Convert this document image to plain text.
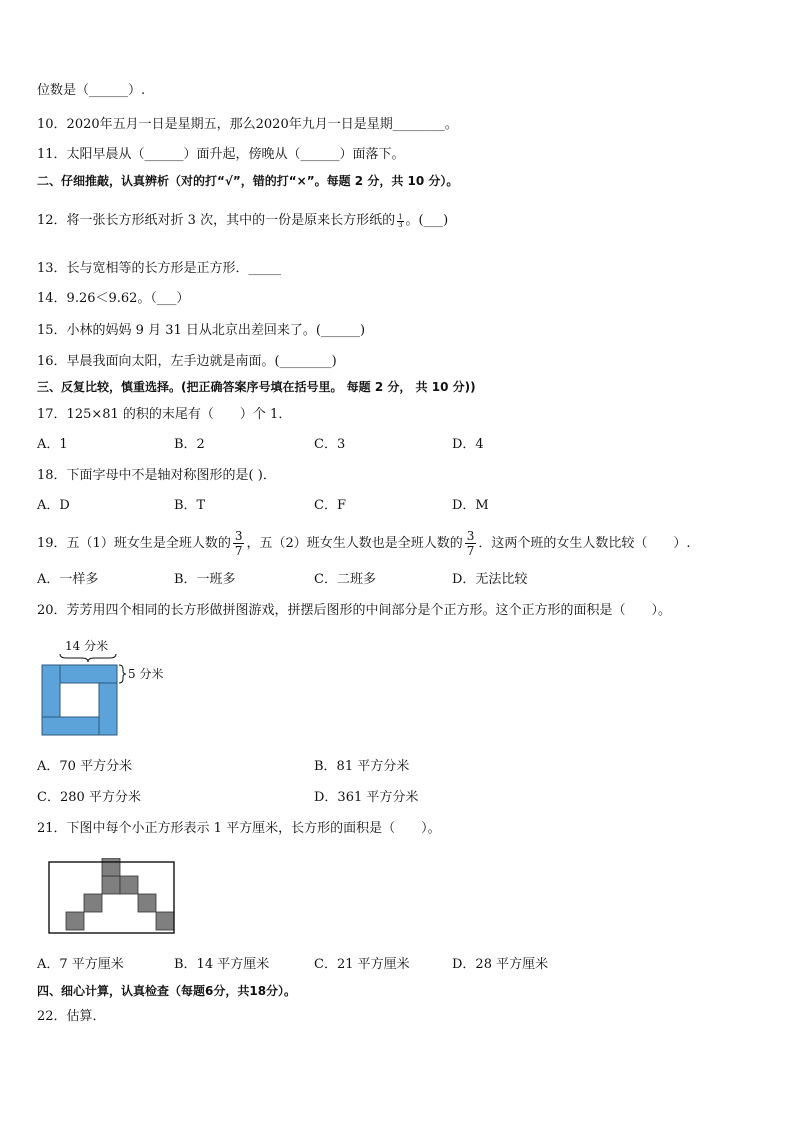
位数是（______）.
10．2020年五月一日是星期五，那么2020年九月一日是星期________。
11．太阳早晨从（______）面升起，傍晚从（______）面落下。
二、仔细推敲，认真辨析（对的打“√”，错的打“×”。每题 2 分，共 10 分）。
12．将一张长方形纸对折 3 次，其中的一份是原来长方形纸的 $\frac{1}{3}$ 。(___)
13．长与宽相等的长方形是正方形．_____
14．9.26＜9.62。（___）
15．小林的妈妈 9 月 31 日从北京出差回来了。(______)
16．早晨我面向太阳，左手边就是南面。(________)
三、反复比较，慎重选择。(把正确答案序号填在括号里。 每题 2 分， 共 10 分))
17．125×81 的积的末尾有（　　）个 1．
A．1	B．2	C．3	D．4
18．下面字母中不是轴对称图形的是( )．
A．D	B．T	C．F	D．M
19．五（1）班女生是全班人数的 $\frac{3}{7}$ ，五（2）班女生人数也是全班人数的 $\frac{3}{7}$ ．这两个班的女生人数比较（　　）.
A．一样多	B．一班多	C．二班多	D．无法比较
20．芳芳用四个相同的长方形做拼图游戏，拼摆后图形的中间部分是个正方形。这个正方形的面积是（　　）。
14 分米
5 分米
A．70 平方分米	B．81 平方分米
C．280 平方分米	D．361 平方分米
21．下图中每个小正方形表示 1 平方厘米，长方形的面积是（　　）。
A．7 平方厘米	B．14 平方厘米	C．21 平方厘米	D．28 平方厘米
四、细心计算，认真检查（每题6分，共18分）。
22．估算．
